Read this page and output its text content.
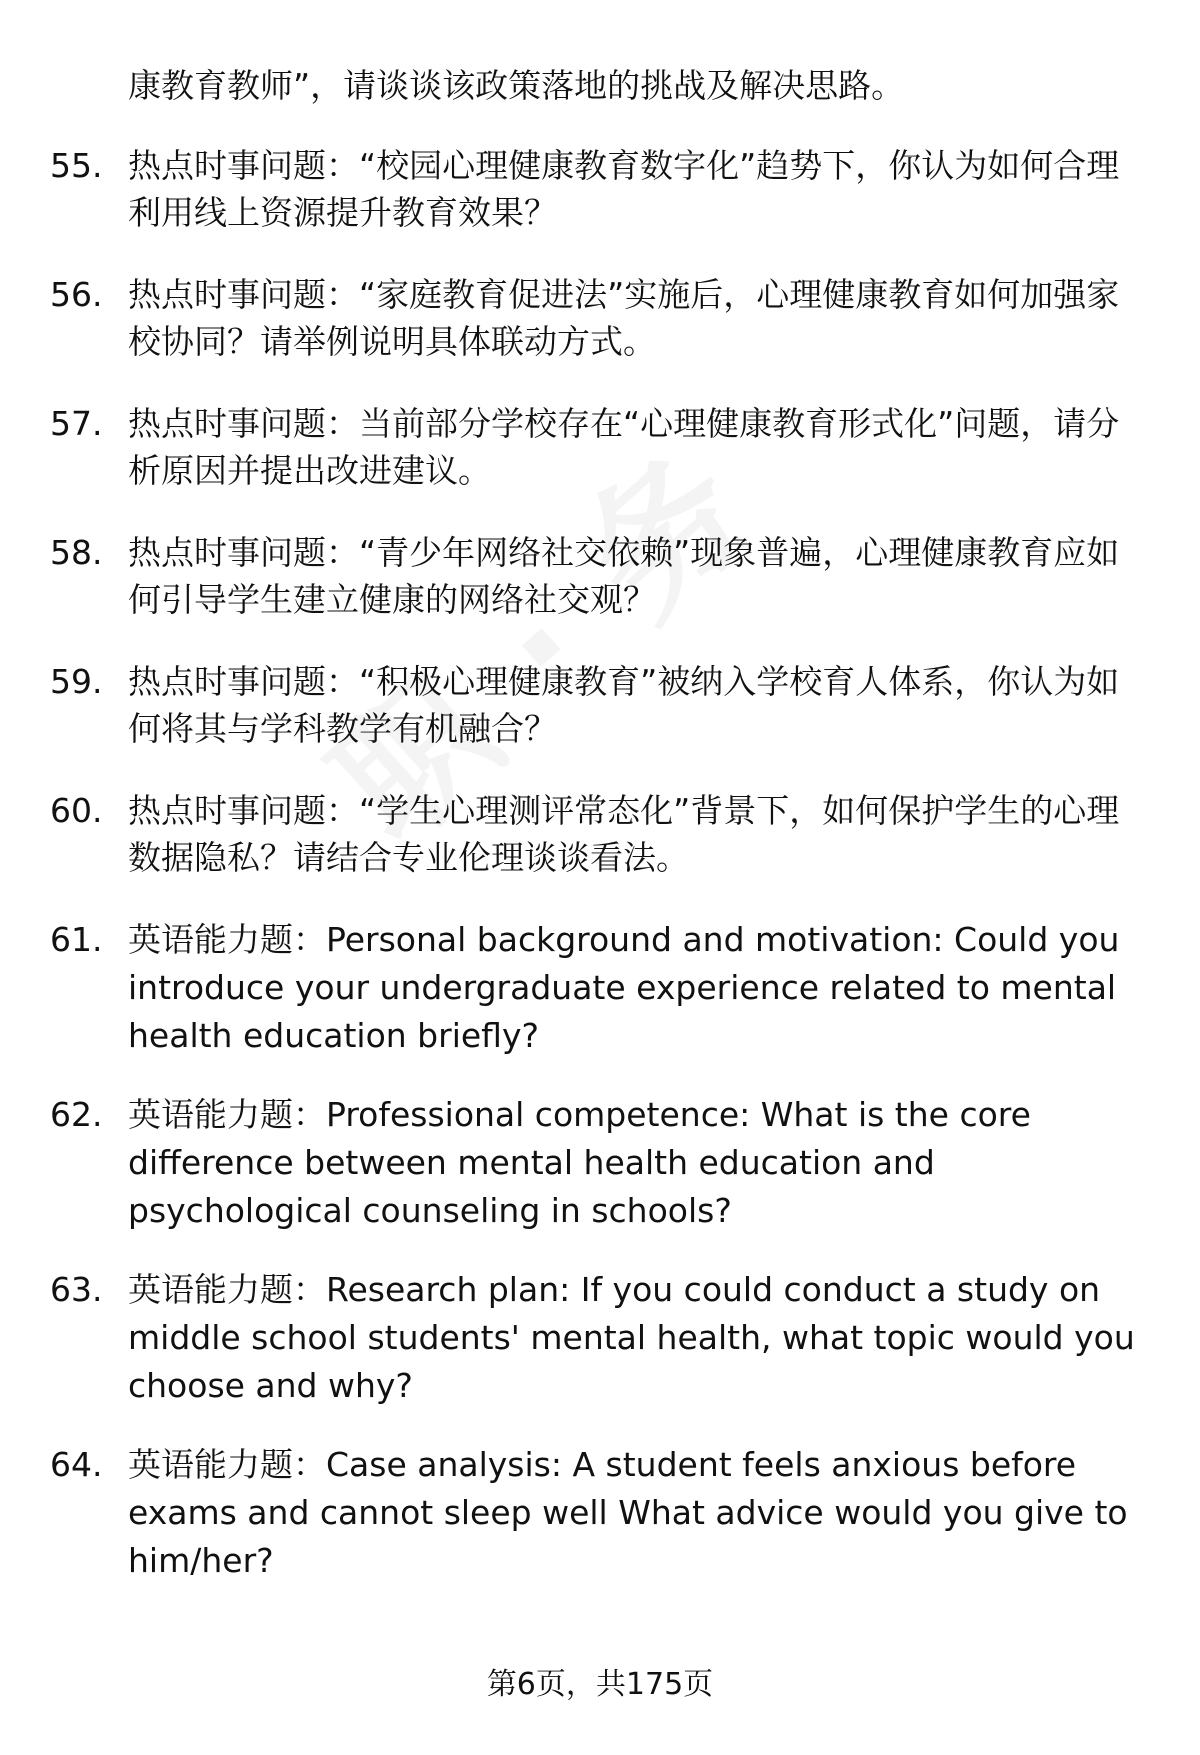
康教育教师”，请谈谈该政策落地的挑战及解决思路。

55. 热点时事问题：“校园心理健康教育数字化”趋势下，你认为如何合理利用线上资源提升教育效果？
56. 热点时事问题：“家庭教育促进法”实施后，心理健康教育如何加强家校协同？请举例说明具体联动方式。
57. 热点时事问题：当前部分学校存在“心理健康教育形式化”问题，请分析原因并提出改进建议。
58. 热点时事问题：“青少年网络社交依赖”现象普遍，心理健康教育应如何引导学生建立健康的网络社交观？
59. 热点时事问题：“积极心理健康教育”被纳入学校育人体系，你认为如何将其与学科教学有机融合？
60. 热点时事问题：“学生心理测评常态化”背景下，如何保护学生的心理数据隐私？请结合专业伦理谈谈看法。
61. 英语能力题：Personal background and motivation: Could you introduce your undergraduate experience related to mental health education briefly?
62. 英语能力题：Professional competence: What is the core difference between mental health education and psychological counseling in schools?
63. 英语能力题：Research plan: If you could conduct a study on middle school students' mental health, what topic would you choose and why?
64. 英语能力题：Case analysis: A student feels anxious before exams and cannot sleep well What advice would you give to him/her?
第6页，共175页
